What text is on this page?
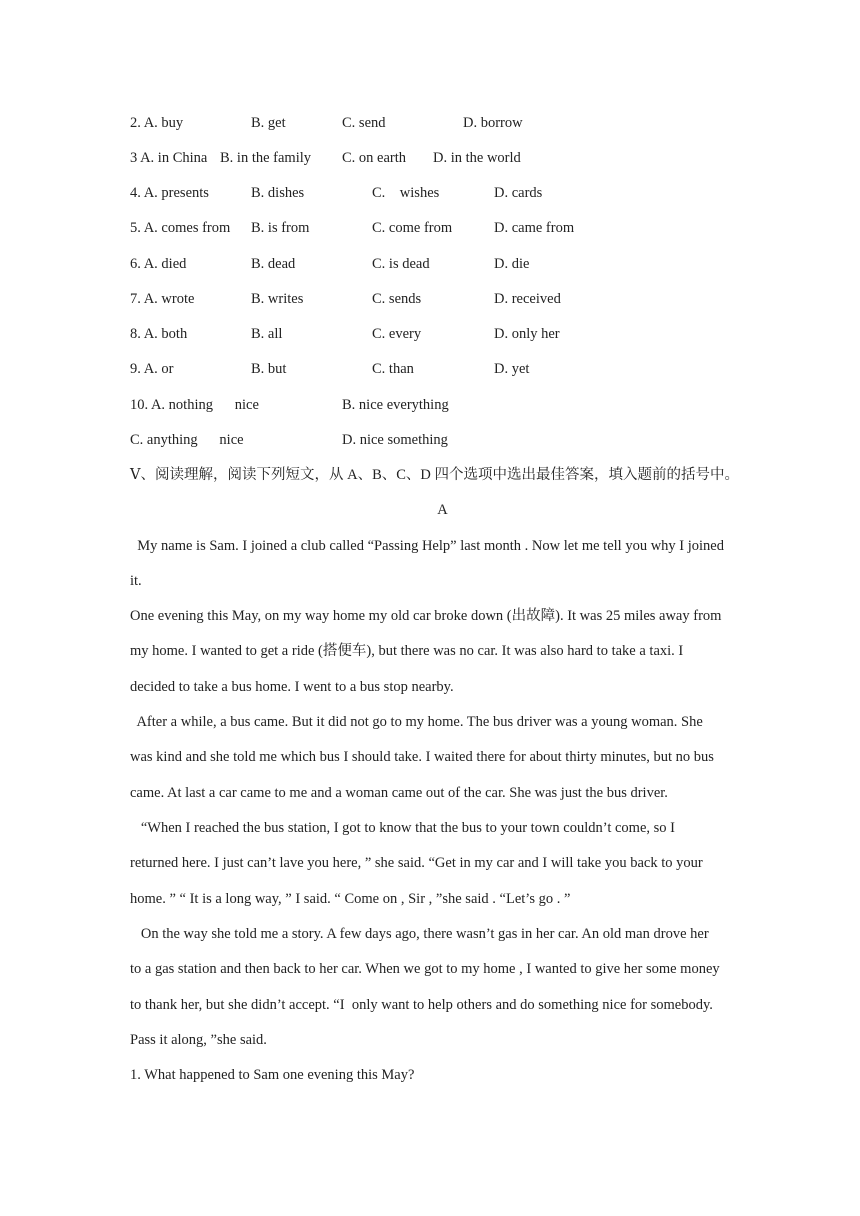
2. A. buy	B. get	C. send	D. borrow
3 A. in China B. in the family C. on earth D. in the world
4. A. presents	B. dishes	C.    wishes	D. cards
5. A. comes from B. is from	C. come from	D. came from
6. A. died	B. dead	C. is dead	D. die
7. A. wrote	B. writes	C. sends	D. received
8. A. both	B. all	C. every	D. only her
9. A. or	B. but	C. than	D. yet
10. A. nothing      nice	B. nice everything
C. anything      nice	D. nice something
Ⅴ、阅读理解，阅读下列短文，从 A、B、C、D 四个选项中选出最佳答案，填入题前的括号中。
A
My name is Sam. I joined a club called “Passing Help” last month . Now let me tell you why I joined
it.
One evening this May, on my way home my old car broke down (出故障). It was 25 miles away from
my home. I wanted to get a ride (搭便车), but there was no car. It was also hard to take a taxi. I
decided to take a bus home. I went to a bus stop nearby.
After a while, a bus came. But it did not go to my home. The bus driver was a young woman. She
was kind and she told me which bus I should take. I waited there for about thirty minutes, but no bus
came. At last a car came to me and a woman came out of the car. She was just the bus driver.
“When I reached the bus station, I got to know that the bus to your town couldn’t come, so I
returned here. I just can’t lave you here, ” she said. “Get in my car and I will take you back to your
home. ” “ It is a long way, ” I said. “ Come on , Sir , ”she said . “Let’s go . ”
On the way she told me a story. A few days ago, there wasn’t gas in her car. An old man drove her
to a gas station and then back to her car. When we got to my home , I wanted to give her some money
to thank her, but she didn’t accept. “I  only want to help others and do something nice for somebody.
Pass it along, ”she said.
1. What happened to Sam one evening this May?
